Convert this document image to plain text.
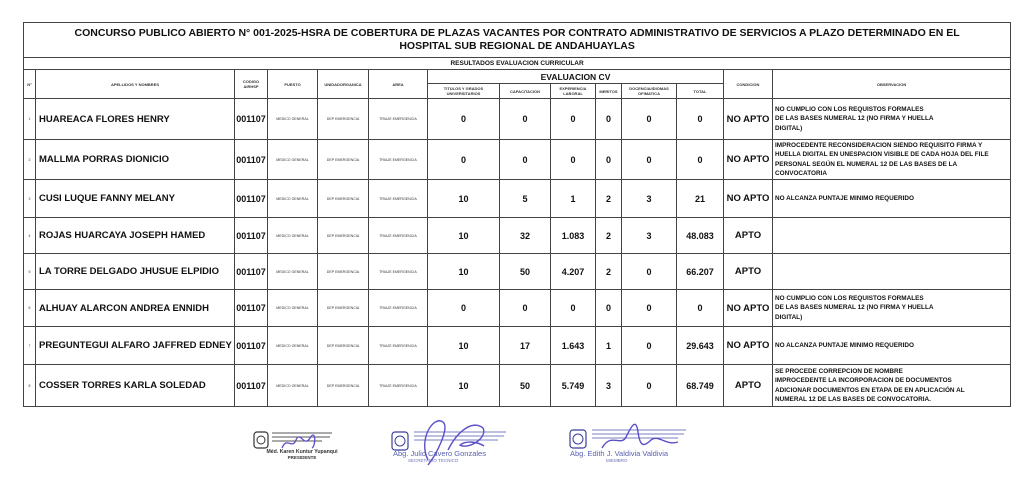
CONCURSO PUBLICO ABIERTO N° 001-2025-HSRA DE COBERTURA DE PLAZAS VACANTES POR CONTRATO ADMINISTRATIVO DE SERVICIOS A PLAZO DETERMINADO EN EL
HOSPITAL SUB REGIONAL DE ANDAHUAYLAS													

RESULTADOS EVALUACION CURRICULAR													
N°	APELLIDOS Y NOMBRES	CODIGO AIRHSP	PUESTO	UNIDADORGANICA	AREA	EVALUACION CV						CONDICION	OBSERVACION
						TITULOS Y GRADOS UNIVERSITARIOS	CAPACITACION	EXPERIENCIA LABORAL	MERITOS	DOCENCIA/IDIOMAS OFIMATICA	TOTAL		
1	HUAREACA FLORES HENRY	001107	MEDICO GENERAL	DEP EMERGENCIA	TRIAJE EMERGENCIA	0	0	0	0	0	0	NO APTO	NO CUMPLIO CON LOS REQUISTOS FORMALES
DE LAS BASES NUMERAL 12 (NO FIRMA Y HUELLA
DIGITAL)
2	MALLMA PORRAS DIONICIO	001107	MEDICO GENERAL	DEP EMERGENCIA	TRIAJE EMERGENCIA	0	0	0	0	0	0	NO APTO	IMPROCEDENTE RECONSIDERACION SIENDO REQUISITO FIRMA Y
HUELLA DIGITAL EN UNESPACION VISIBLE DE CADA HOJA DEL FILE
PERSONAL SEGÚN EL NUMERAL 12 DE LAS BASES DE LA
CONVOCATORIA
3	CUSI LUQUE FANNY MELANY	001107	MEDICO GENERAL	DEP EMERGENCIA	TRIAJE EMERGENCIA	10	5	1	2	3	21	NO APTO	NO ALCANZA PUNTAJE MINIMO REQUERIDO
4	ROJAS HUARCAYA JOSEPH HAMED	001107	MEDICO GENERAL	DEP EMERGENCIA	TRIAJE EMERGENCIA	10	32	1.083	2	3	48.083	APTO	
5	LA TORRE DELGADO JHUSUE ELPIDIO	001107	MEDICO GENERAL	DEP EMERGENCIA	TRIAJE EMERGENCIA	10	50	4.207	2	0	66.207	APTO	
6	ALHUAY ALARCON ANDREA ENNIDH	001107	MEDICO GENERAL	DEP EMERGENCIA	TRIAJE EMERGENCIA	0	0	0	0	0	0	NO APTO	NO CUMPLIO CON LOS REQUISTOS FORMALES
DE LAS BASES NUMERAL 12 (NO FIRMA Y HUELLA
DIGITAL)
7	PREGUNTEGUI ALFARO JAFFRED EDNEY	001107	MEDICO GENERAL	DEP EMERGENCIA	TRIAJE EMERGENCIA	10	17	1.643	1	0	29.643	NO APTO	NO ALCANZA PUNTAJE MINIMO REQUERIDO
8	COSSER TORRES KARLA SOLEDAD	001107	MEDICO GENERAL	DEP EMERGENCIA	TRIAJE EMERGENCIA	10	50	5.749	3	0	68.749	APTO	SE PROCEDE CORREPCION DE NOMBRE
IMPROCEDENTE LA INCORPORACION DE DOCUMENTOS
ADICIONAR DOCUMENTOS EN ETAPA DE EN APLICACIÓN AL
NUMERAL 12 DE LAS BASES DE CONVOCATORIA.
Méd. Karen Kuntur Yupanqui
PRESIDENTE	Abg. Julio Cavero Gonzales
SECRETARIO TECNICO
Abg. Edith J. Valdivia Valdivia
MIEMBRO
